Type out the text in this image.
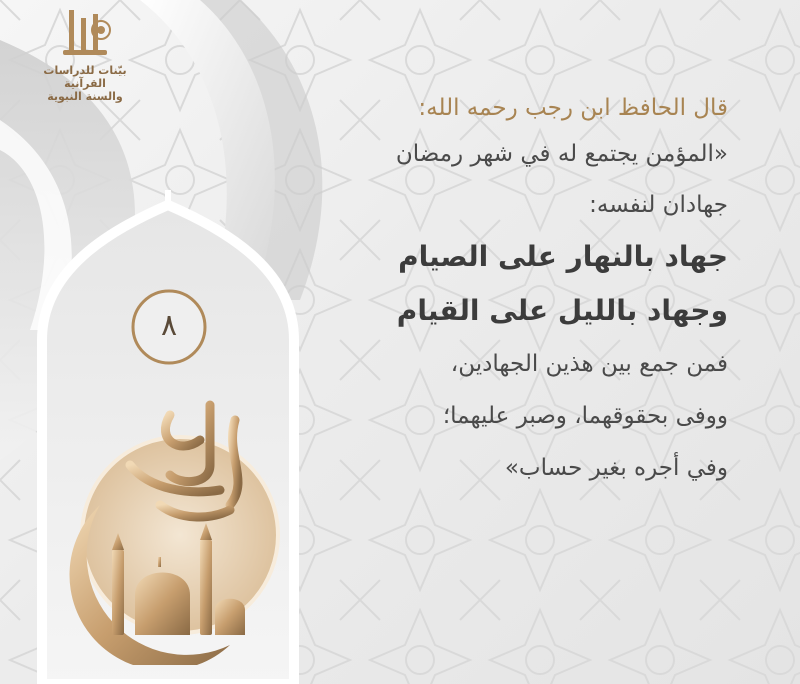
بيّنات للدراسات القرآنية
والسنة النبوية	قال الحافظ ابن رجب رحمه الله:

«المؤمن يجتمع له في شهر رمضان

جهادان لنفسه:

جهاد بالنهار على الصيام

وجهاد بالليل على القيام

فمن جمع بين هذين الجهادين،

ووفى بحقوقهما، وصبر عليهما؛

وفي أجره بغير حساب»

٨
